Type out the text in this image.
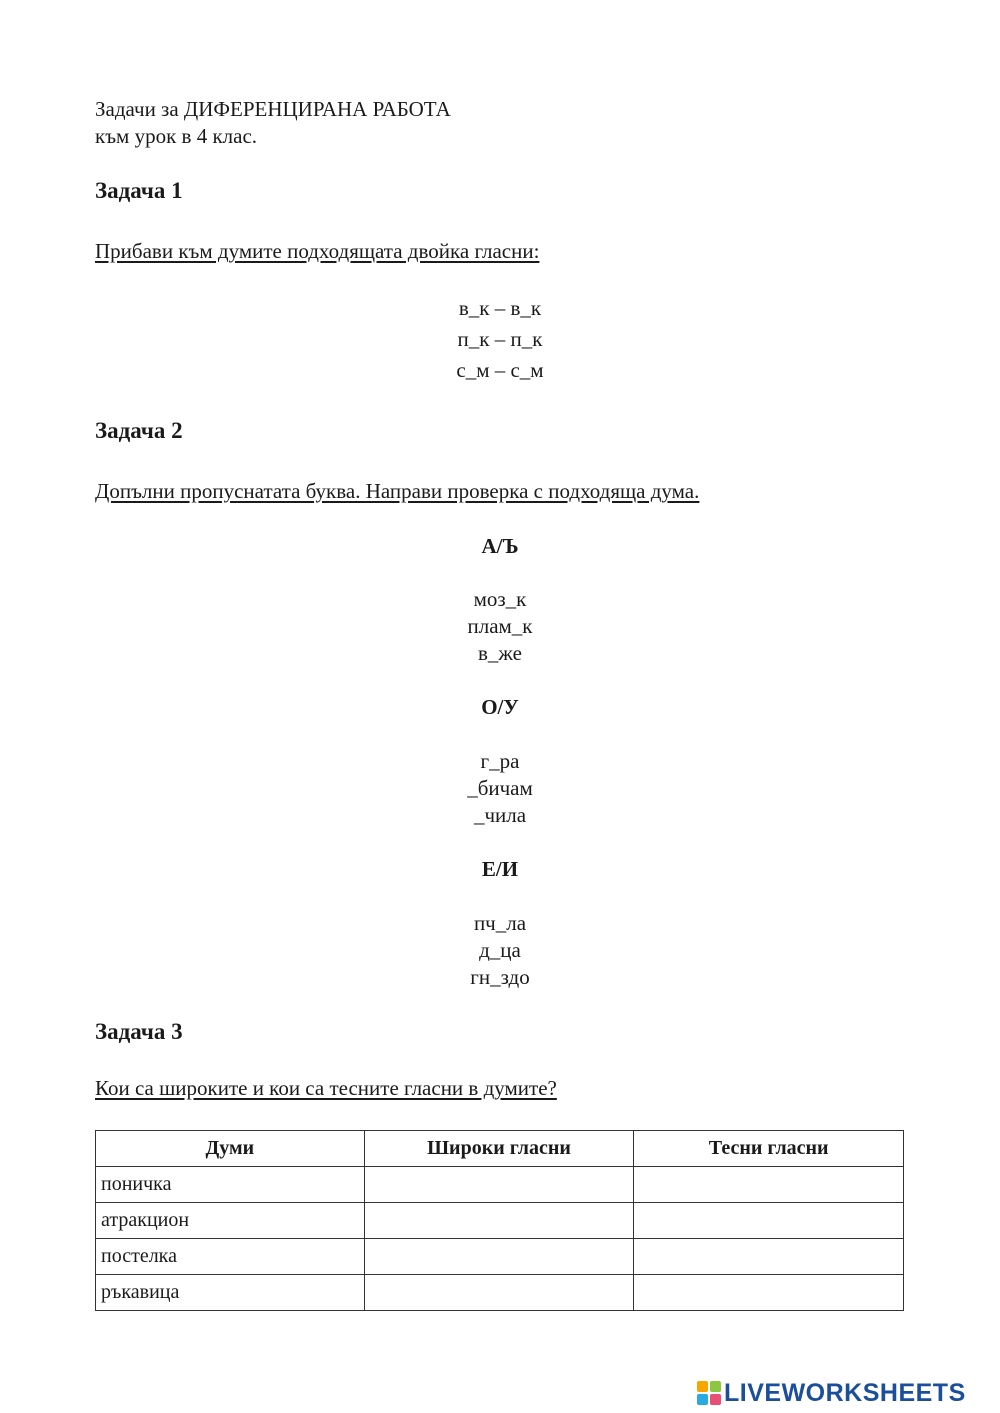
Задачи за ДИФЕРЕНЦИРАНА РАБОТА
към урок в 4 клас.
Задача 1
Прибави към думите подходящата двойка гласни:
в_к – в_к
п_к – п_к
с_м – с_м
Задача 2
Допълни пропуснатата буква. Направи проверка с подходяща дума.
А/Ъ
моз_к
плам_к
в_же
О/У
г_ра
_бичам
_чила
Е/И
пч_ла
д_ца
гн_здо
Задача 3
Кои са широките и кои са тесните гласни в думите?
Думи	Широки гласни	Тесни гласни
поничка		
атракцион		
постелка		
ръкавица		
LIVEWORKSHEETS
